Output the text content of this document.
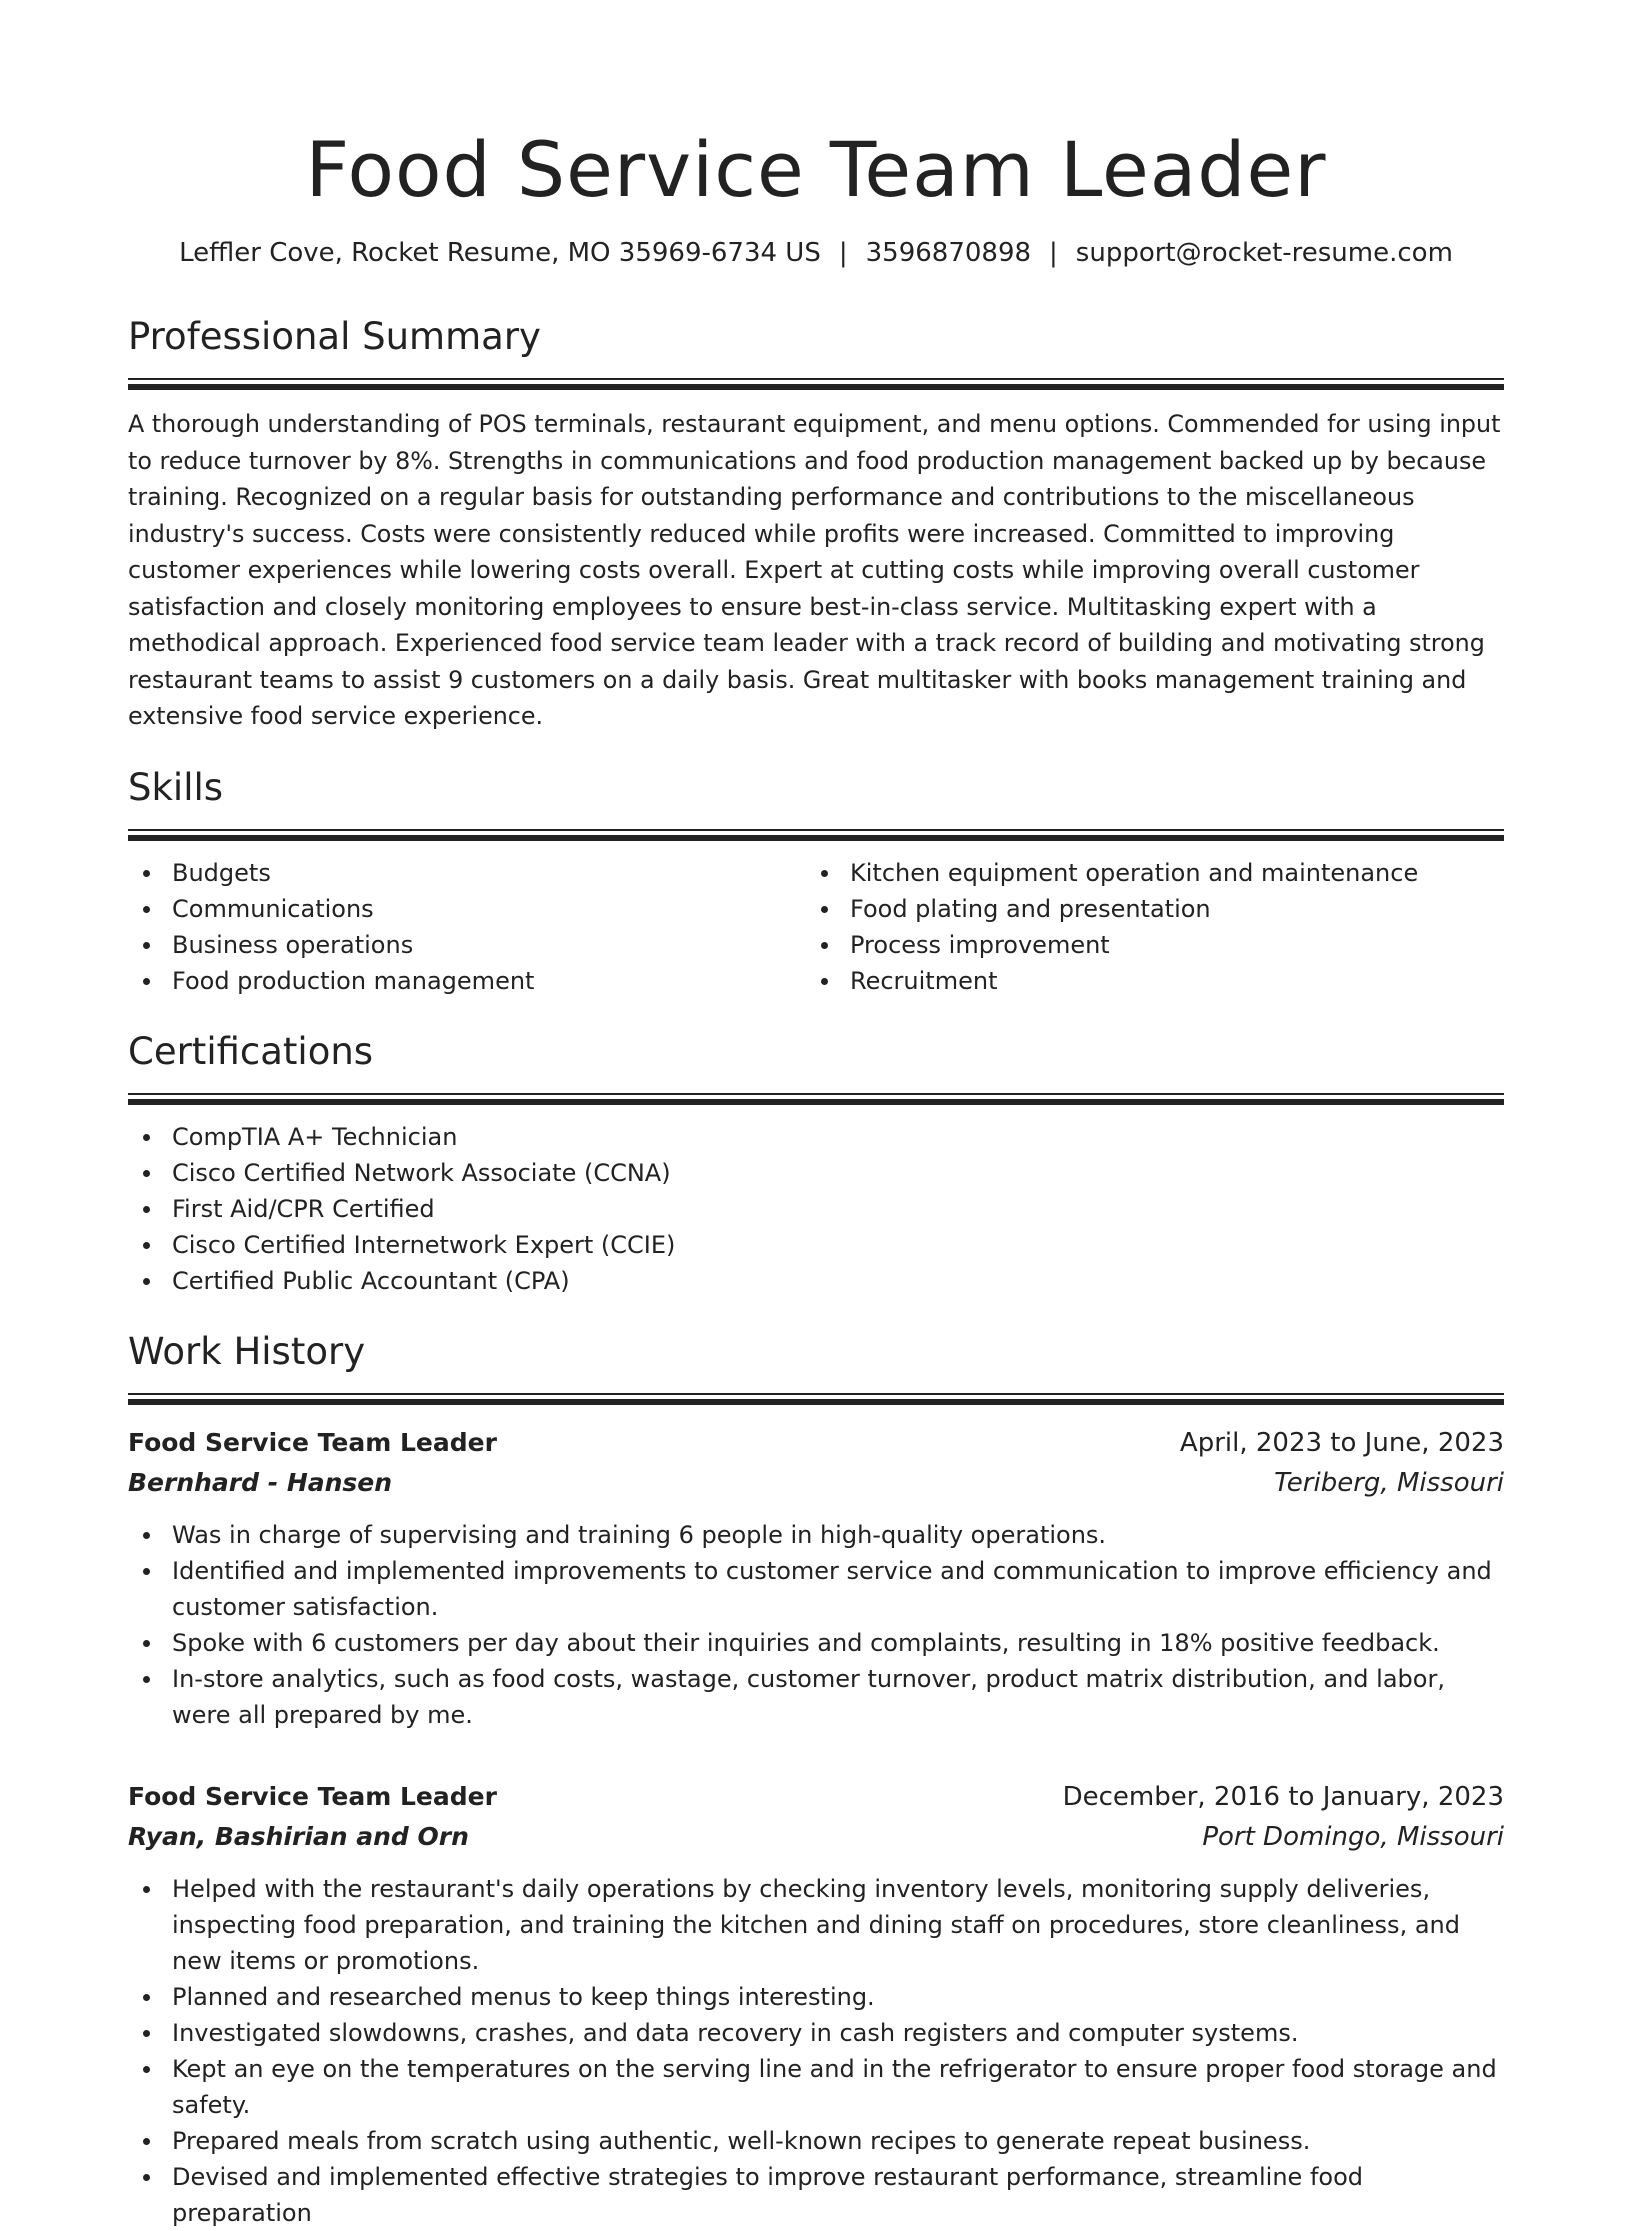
Food Service Team Leader
Leffler Cove, Rocket Resume, MO 35969-6734 US | 3596870898 | support@rocket-resume.com
Professional Summary
A thorough understanding of POS terminals, restaurant equipment, and menu options. Commended for using input to reduce turnover by 8%. Strengths in communications and food production management backed up by because training. Recognized on a regular basis for outstanding performance and contributions to the miscellaneous industry's success. Costs were consistently reduced while profits were increased. Committed to improving customer experiences while lowering costs overall. Expert at cutting costs while improving overall customer satisfaction and closely monitoring employees to ensure best-in-class service. Multitasking expert with a methodical approach. Experienced food service team leader with a track record of building and motivating strong restaurant teams to assist 9 customers on a daily basis. Great multitasker with books management training and extensive food service experience.
Skills
Budgets
Communications
Business operations
Food production management
Kitchen equipment operation and maintenance
Food plating and presentation
Process improvement
Recruitment
Certifications
CompTIA A+ Technician
Cisco Certified Network Associate (CCNA)
First Aid/CPR Certified
Cisco Certified Internetwork Expert (CCIE)
Certified Public Accountant (CPA)
Work History
Food Service Team Leader	April, 2023 to June, 2023
Bernhard - Hansen	Teriberg, Missouri
Was in charge of supervising and training 6 people in high-quality operations.
Identified and implemented improvements to customer service and communication to improve efficiency and customer satisfaction.
Spoke with 6 customers per day about their inquiries and complaints, resulting in 18% positive feedback.
In-store analytics, such as food costs, wastage, customer turnover, product matrix distribution, and labor, were all prepared by me.
Food Service Team Leader	December, 2016 to January, 2023
Ryan, Bashirian and Orn	Port Domingo, Missouri
Helped with the restaurant's daily operations by checking inventory levels, monitoring supply deliveries, inspecting food preparation, and training the kitchen and dining staff on procedures, store cleanliness, and new items or promotions.
Planned and researched menus to keep things interesting.
Investigated slowdowns, crashes, and data recovery in cash registers and computer systems.
Kept an eye on the temperatures on the serving line and in the refrigerator to ensure proper food storage and safety.
Prepared meals from scratch using authentic, well-known recipes to generate repeat business.
Devised and implemented effective strategies to improve restaurant performance, streamline food preparation
